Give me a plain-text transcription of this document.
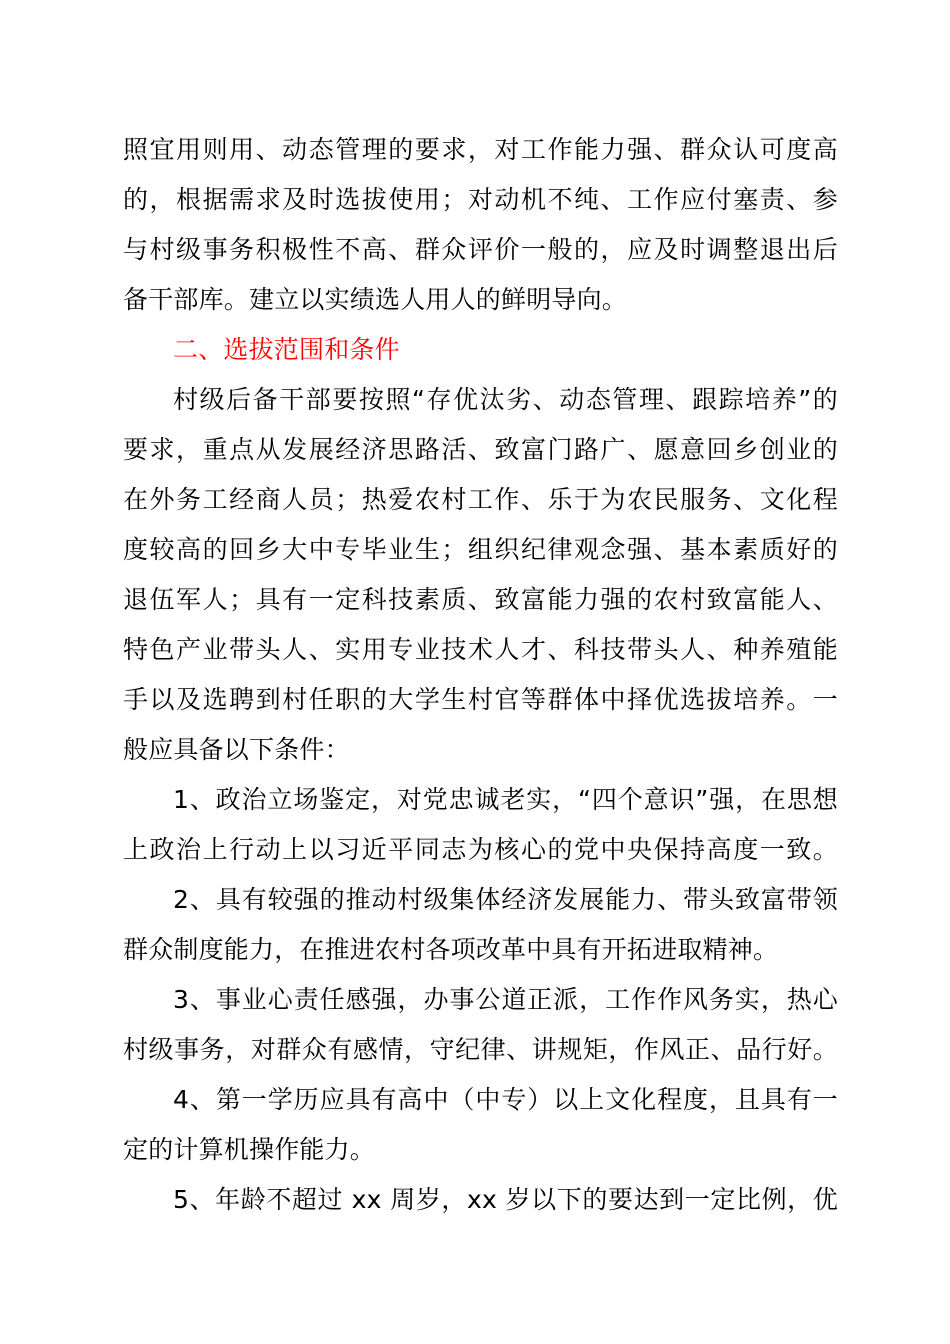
照宜用则用、动态管理的要求，对工作能力强、群众认可度高
的，根据需求及时选拔使用；对动机不纯、工作应付塞责、参
与村级事务积极性不高、群众评价一般的，应及时调整退出后
备干部库。建立以实绩选人用人的鲜明导向。
二、选拔范围和条件
村级后备干部要按照“存优汰劣、动态管理、跟踪培养”的
要求，重点从发展经济思路活、致富门路广、愿意回乡创业的
在外务工经商人员；热爱农村工作、乐于为农民服务、文化程
度较高的回乡大中专毕业生；组织纪律观念强、基本素质好的
退伍军人；具有一定科技素质、致富能力强的农村致富能人、
特色产业带头人、实用专业技术人才、科技带头人、种养殖能
手以及选聘到村任职的大学生村官等群体中择优选拔培养。一
般应具备以下条件：
1、政治立场鉴定，对党忠诚老实，“四个意识”强，在思想
上政治上行动上以习近平同志为核心的党中央保持高度一致。
2、具有较强的推动村级集体经济发展能力、带头致富带领
群众制度能力，在推进农村各项改革中具有开拓进取精神。
3、事业心责任感强，办事公道正派，工作作风务实，热心
村级事务，对群众有感情，守纪律、讲规矩，作风正、品行好。
4、第一学历应具有高中（中专）以上文化程度，且具有一
定的计算机操作能力。
5、年龄不超过 xx 周岁，xx 岁以下的要达到一定比例，优
